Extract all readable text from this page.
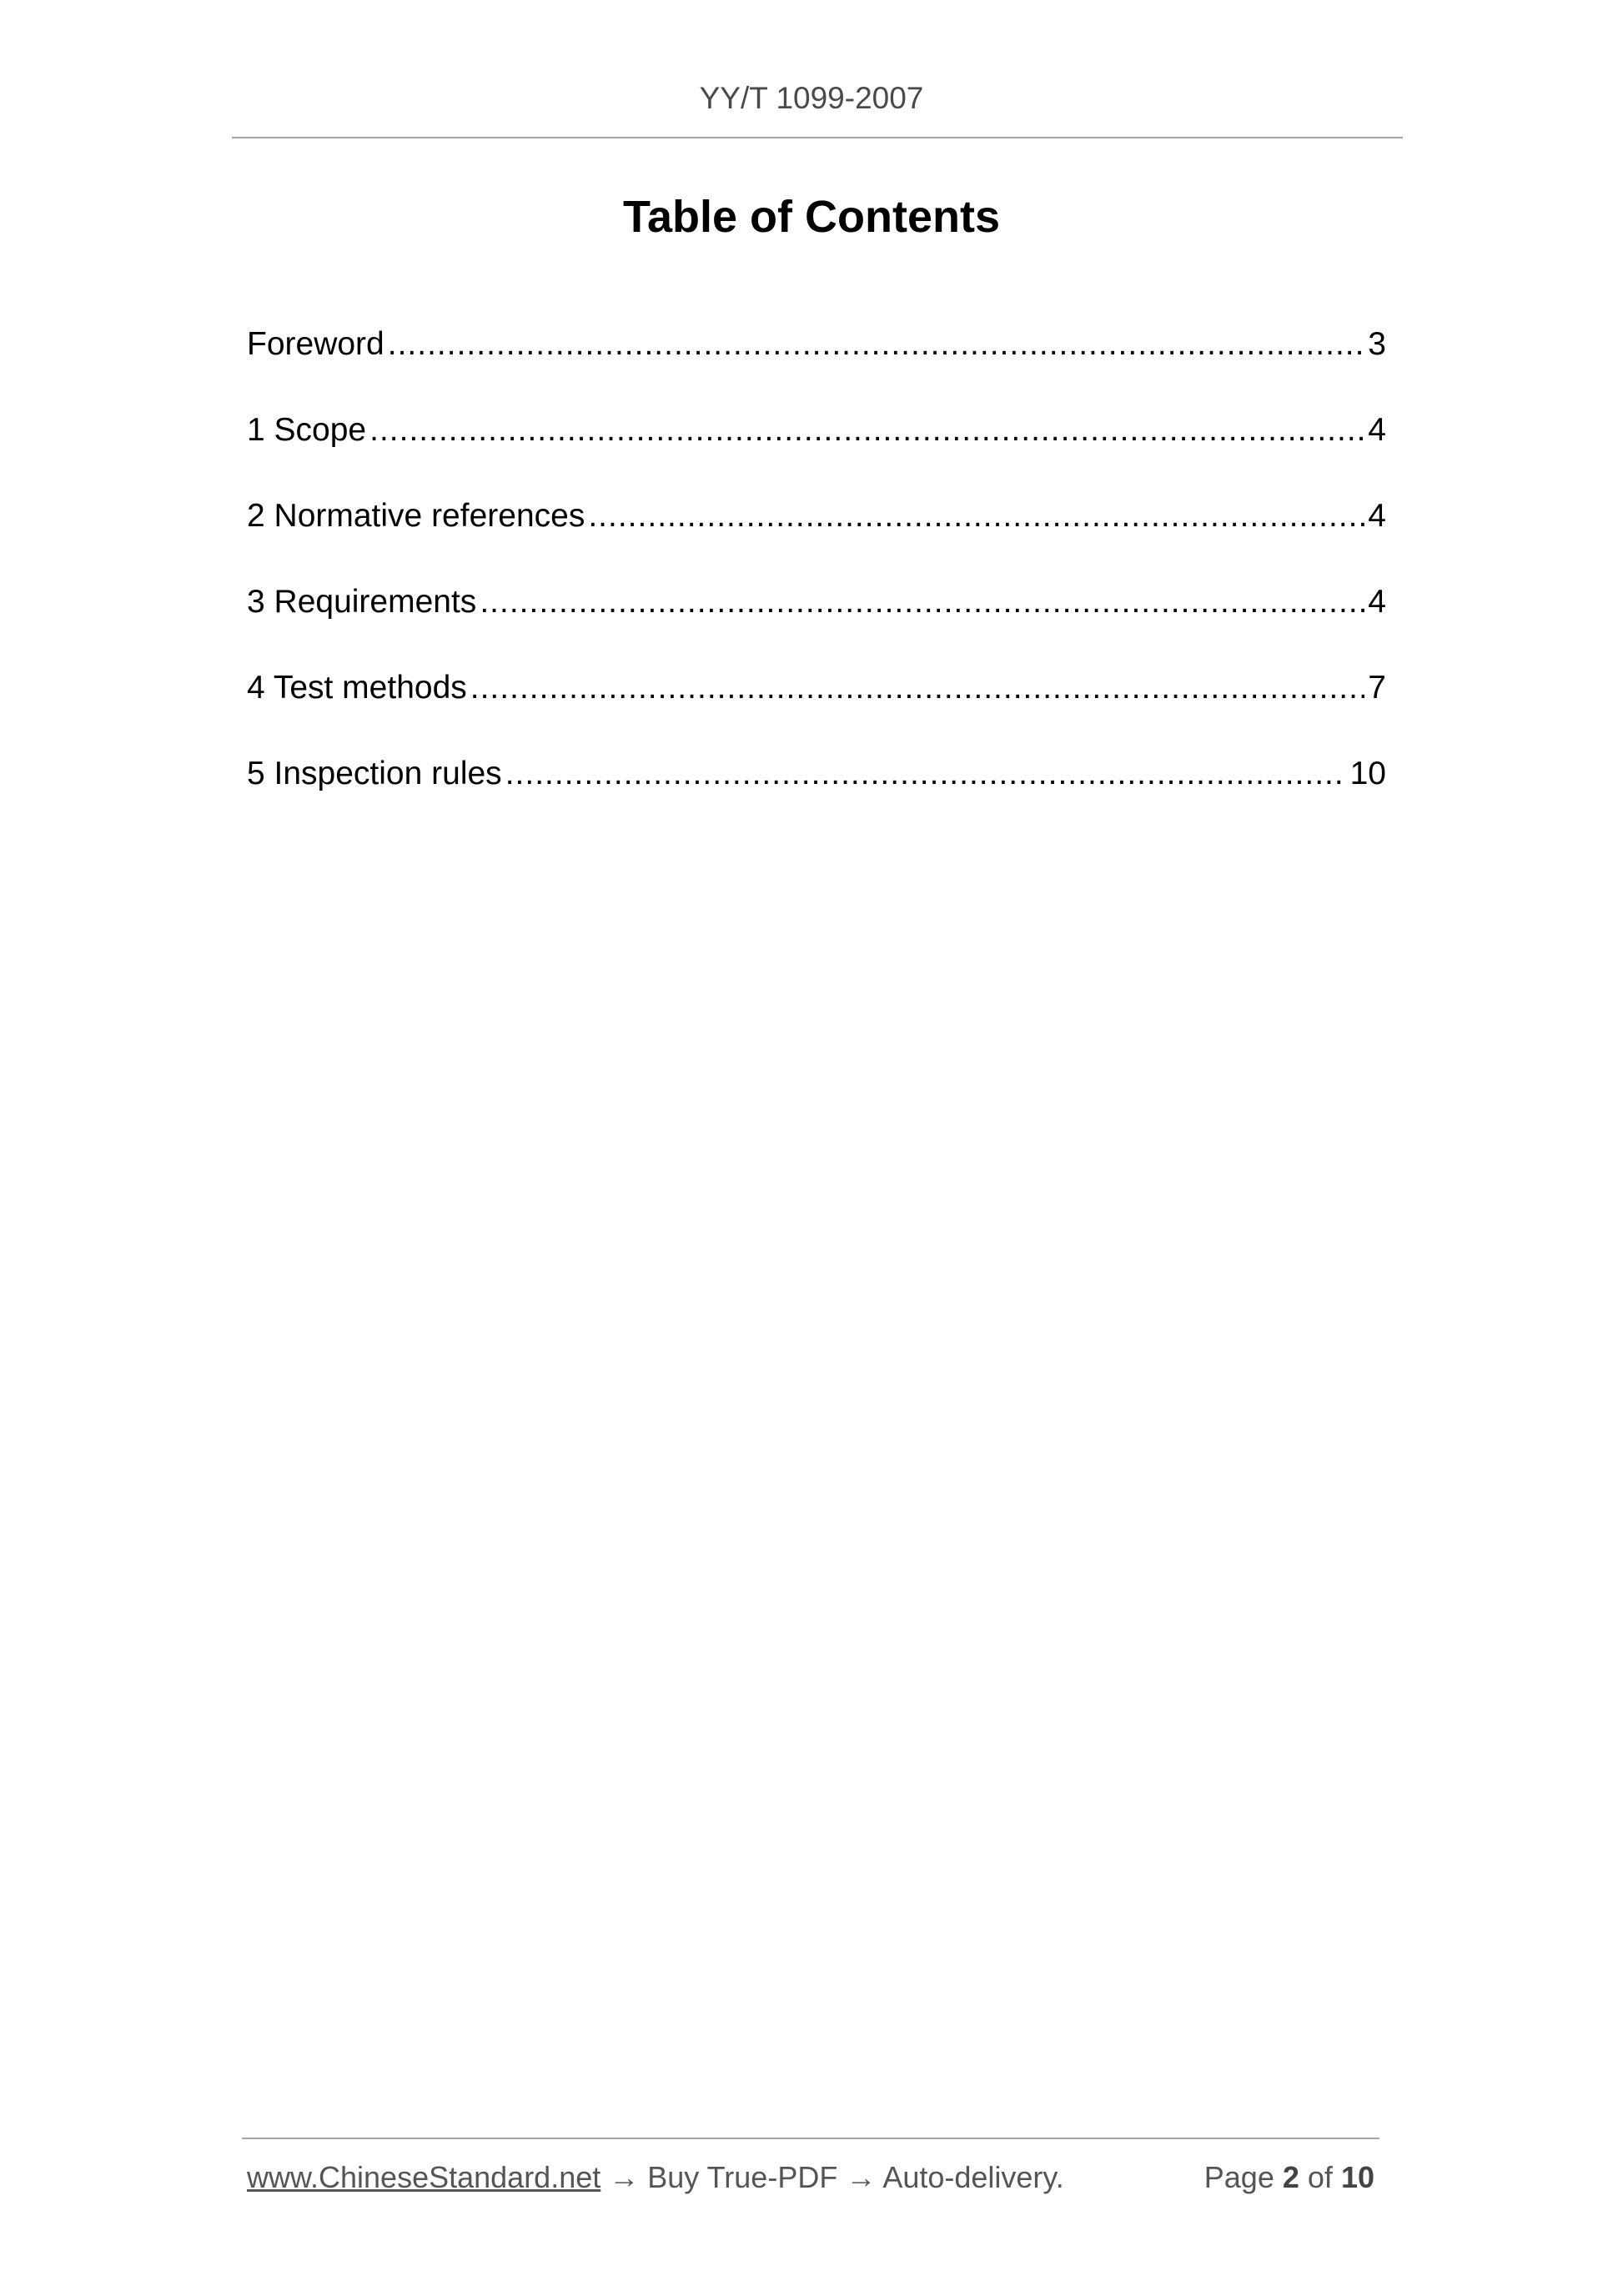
YY/T 1099-2007
Table of Contents
Foreword .....	3
1 Scope .....	4
2 Normative references .....	4
3 Requirements .....	4
4 Test methods .....	7
5 Inspection rules .....	10
www.ChineseStandard.net → Buy True-PDF → Auto-delivery.	Page 2 of 10
